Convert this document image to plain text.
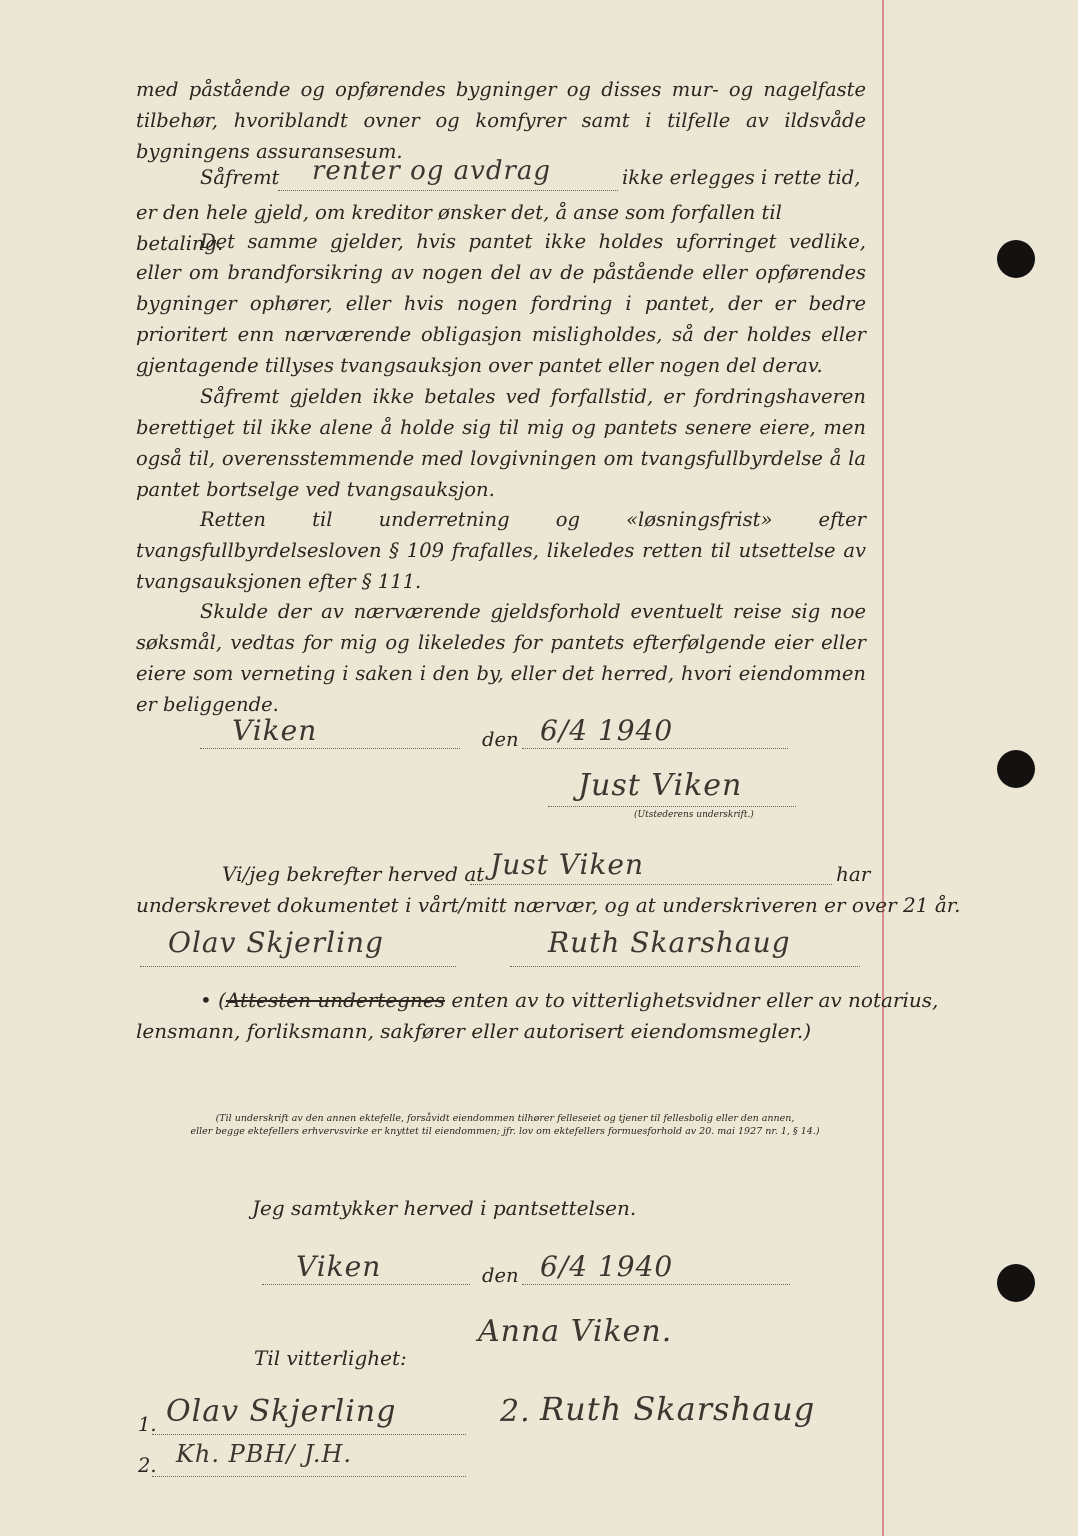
med påstående og opførendes bygninger og disses mur- og nagelfaste tilbehør, hvoriblandt ovner og komfyrer samt i tilfelle av ildsvåde bygningens assuransesum.
Såfremt renter og avdrag	ikke erlegges i rette tid,
er den hele gjeld, om kreditor ønsker det, å anse som forfallen til betaling.
Det samme gjelder, hvis pantet ikke holdes uforringet vedlike, eller om brandforsikring av nogen del av de påstående eller opførendes bygninger ophører, eller hvis nogen fordring i pantet, der er bedre prioritert enn nærværende obligasjon misligholdes, så der holdes eller gjentagende tillyses tvangsauksjon over pantet eller nogen del derav.
Såfremt gjelden ikke betales ved forfallstid, er fordringshaveren berettiget til ikke alene å holde sig til mig og pantets senere eiere, men også til, overensstemmende med lovgivningen om tvangsfullbyrdelse å la pantet bortselge ved tvangsauksjon.
Retten til underretning og «løsningsfrist» efter tvangsfullbyrdelsesloven § 109 frafalles, likeledes retten til utsettelse av tvangsauksjonen efter § 111.
Skulde der av nærværende gjeldsforhold eventuelt reise sig noe søksmål, vedtas for mig og likeledes for pantets efterfølgende eier eller eiere som verneting i saken i den by, eller det herred, hvori eiendommen er beliggende.
Viken	den 6/4 1940
Just Viken
(Utstederens underskrift.)
Vi/jeg bekrefter herved at Just Viken	har
underskrevet dokumentet i vårt/mitt nærvær, og at underskriveren er over 21 år.
Olav Skjerling	Ruth Skarshaug
• (Attesten undertegnes enten av to vitterlighetsvidner eller av notarius,
lensmann, forliksmann, sakfører eller autorisert eiendomsmegler.)
(Til underskrift av den annen ektefelle, forsåvidt eiendommen tilhører felleseiet og tjener til fellesbolig eller den annen,
eller begge ektefellers erhvervsvirke er knyttet til eiendommen; jfr. lov om ektefellers formuesforhold av 20. mai 1927 nr. 1, § 14.)
Jeg samtykker herved i pantsettelsen.
Viken	den 6/4 1940
Anna Viken.
Til vitterlighet:
1. Olav Skjerling	2. Ruth Skarshaug
2. Kh. PBH/ J.H.
